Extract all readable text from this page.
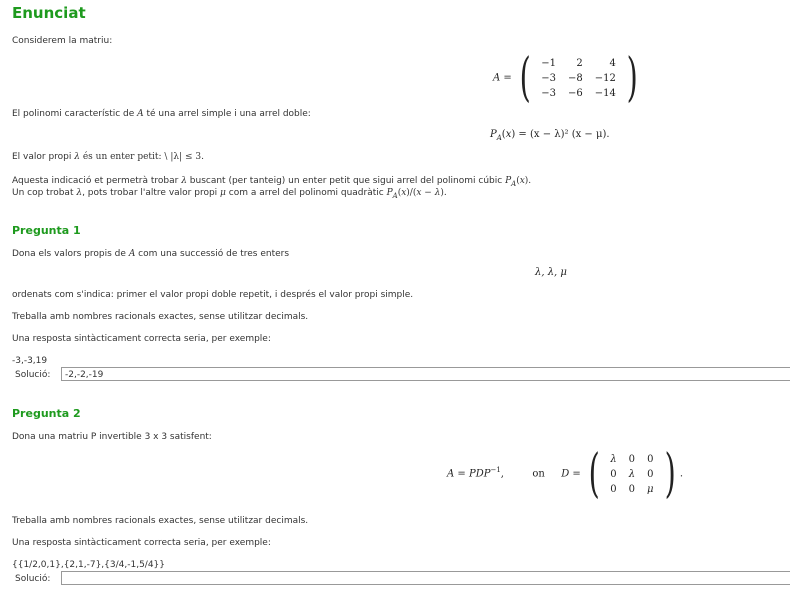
Enunciat
Considerem la matriu:
A = ( −1	2	4
−3	−8	−12
−3	−6	−14 )
El polinomi característic de A té una arrel simple i una arrel doble:
$P_A(x) = (x - \lambda)^2$ (x − μ).
El valor propi λ és un enter petit: \ |λ| ≤ 3.
Aquesta indicació et permetrà trobar λ buscant (per tanteig) un enter petit que sigui arrel del polinomi cúbic $P_A(x)$.
Un cop trobat λ, pots trobar l'altre valor propi μ com a arrel del polinomi quadràtic $P_A(x)/(x - \lambda)$.
Pregunta 1
Dona els valors propis de A com una successió de tres enters
λ, λ, μ
ordenats com s'indica: primer el valor propi doble repetit, i després el valor propi simple.
Treballa amb nombres racionals exactes, sense utilitzar decimals.
Una resposta sintàcticament correcta seria, per exemple:
-3,-3,19
Solució:	-2,-2,-19
Pregunta 2
Dona una matriu P invertible 3 x 3 satisfent:
$A = PDP^{-1}$,	on D = ( λ	0	0
0	λ	0
0	0	μ ) .
Treballa amb nombres racionals exactes, sense utilitzar decimals.
Una resposta sintàcticament correcta seria, per exemple:
{{1/2,0,1},{2,1,-7},{3/4,-1,5/4}}
Solució:
